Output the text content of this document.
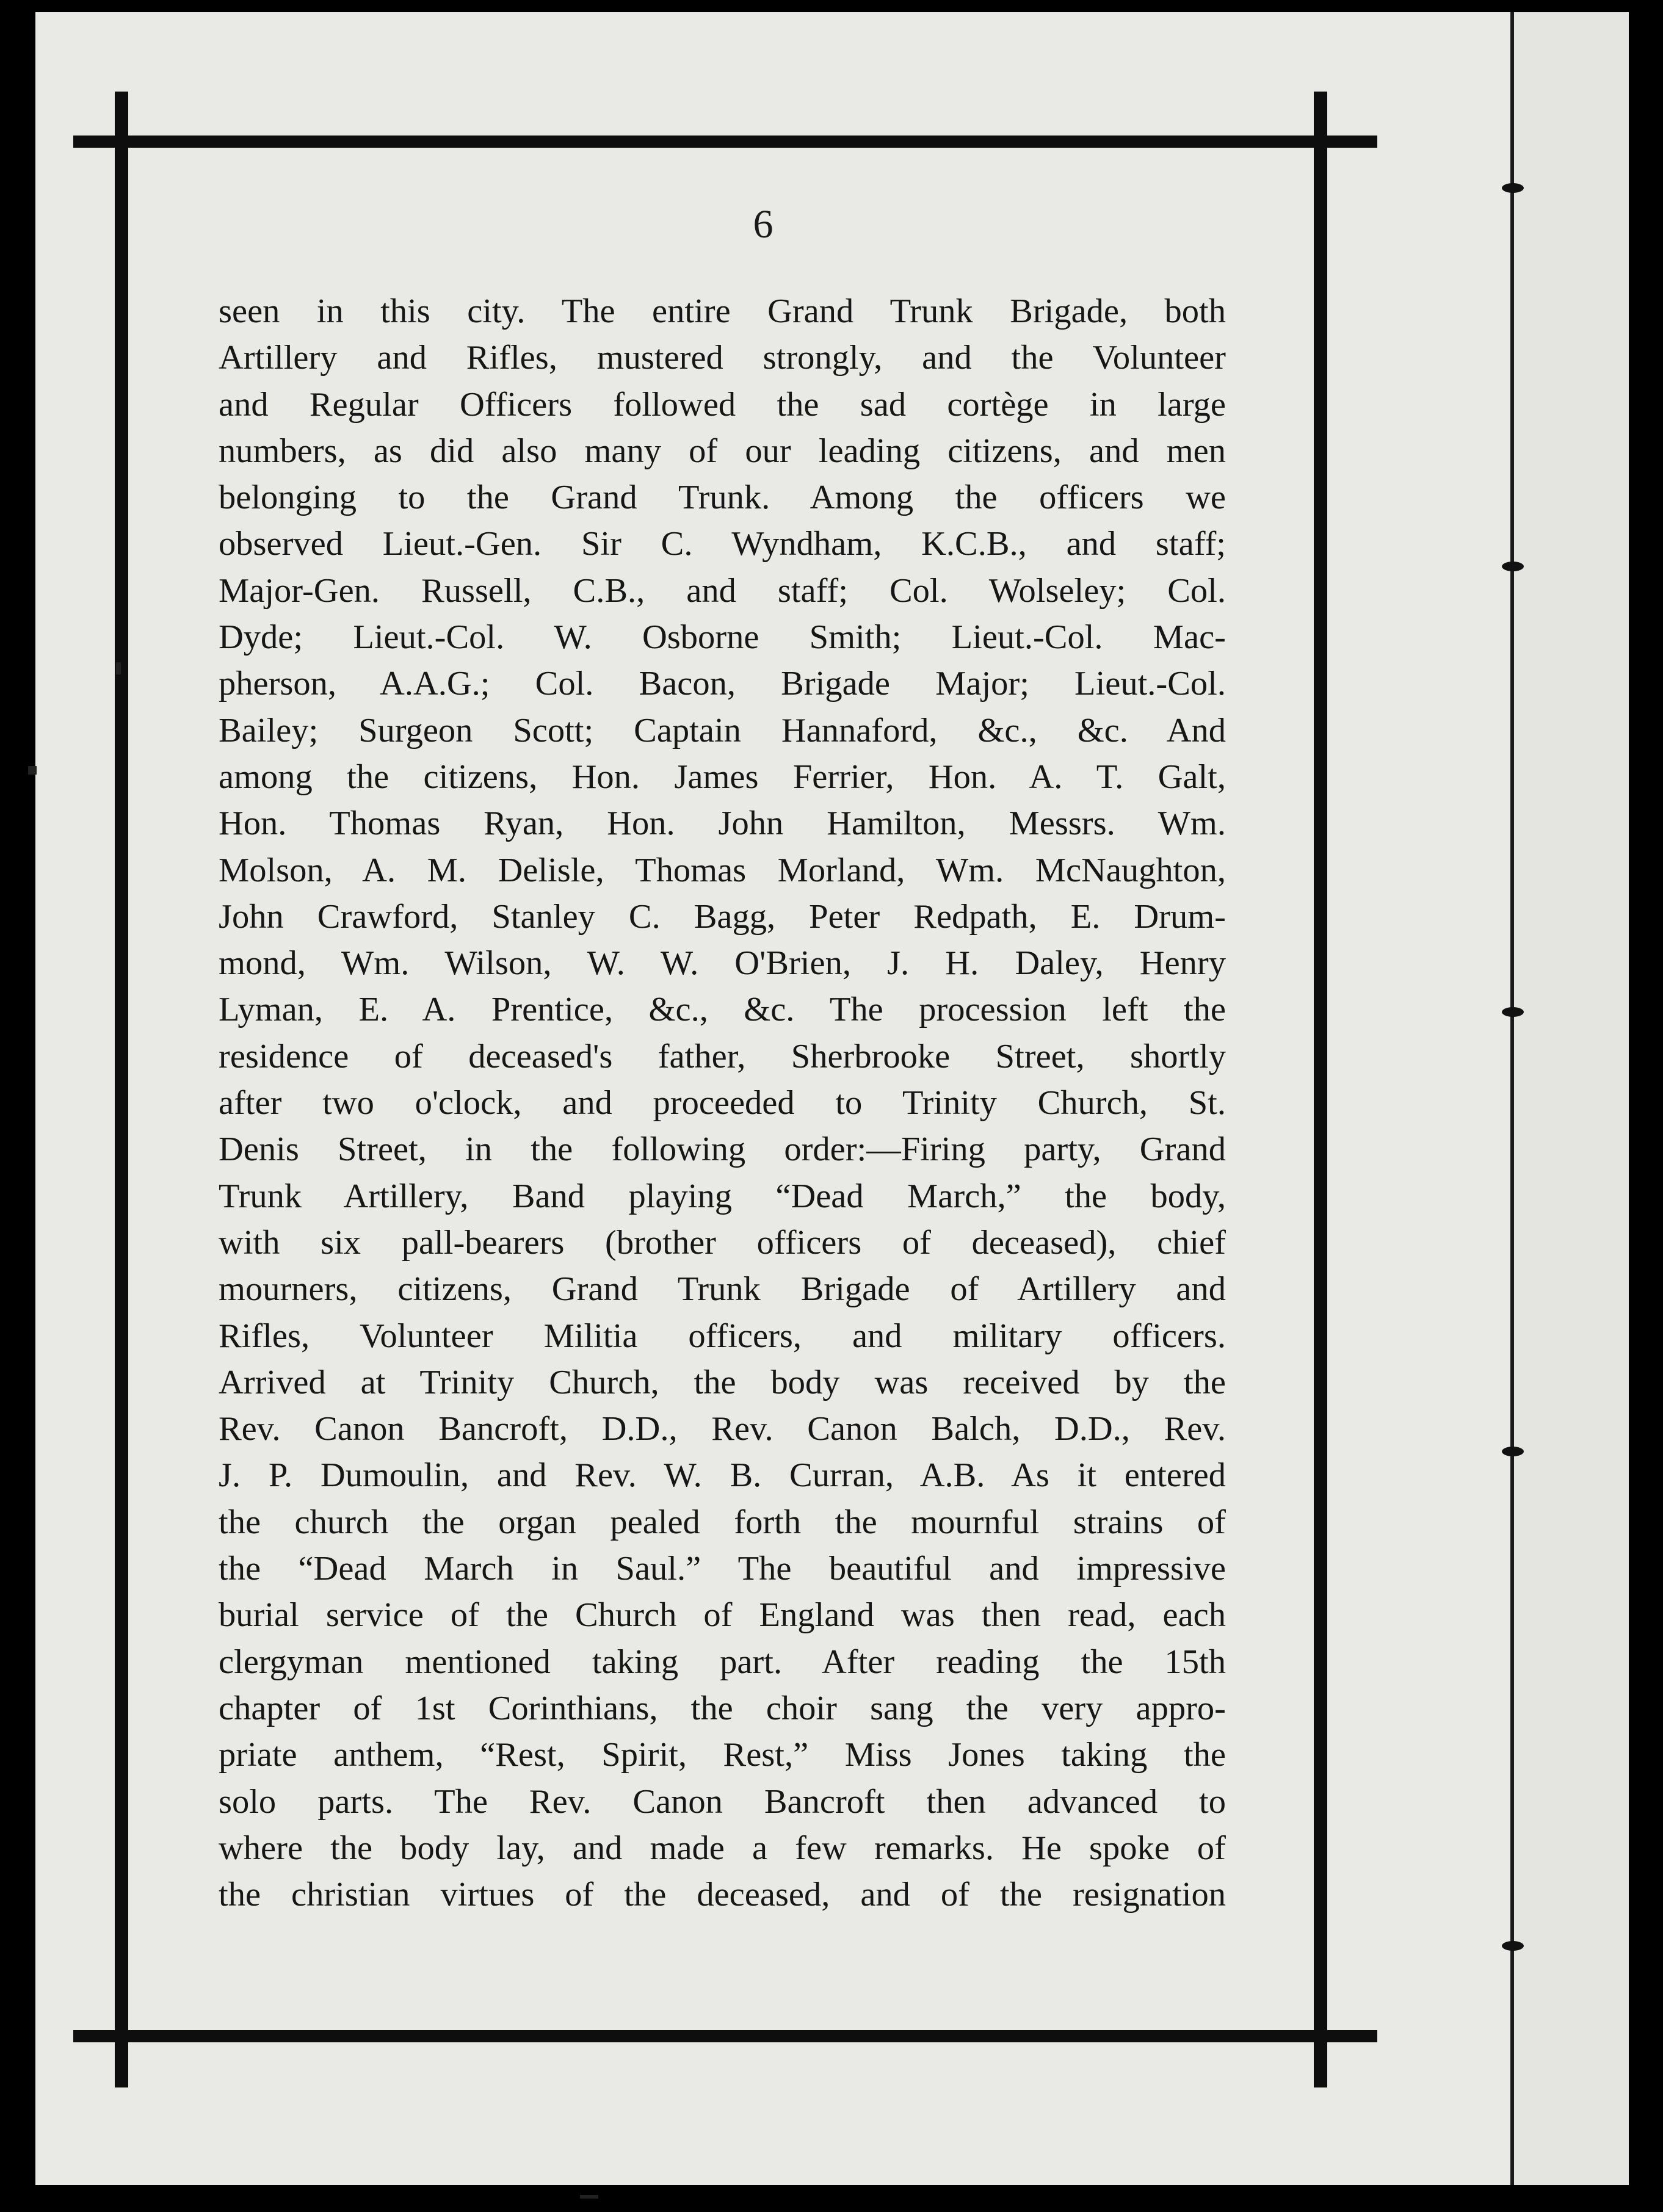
6
seen in this city. The entire Grand Trunk Brigade, both
Artillery and Rifles, mustered strongly, and the Volunteer
and Regular Officers followed the sad cortège in large
numbers, as did also many of our leading citizens, and men
belonging to the Grand Trunk. Among the officers we
observed Lieut.-Gen. Sir C. Wyndham, K.C.B., and staff;
Major-Gen. Russell, C.B., and staff; Col. Wolseley; Col.
Dyde; Lieut.-Col. W. Osborne Smith; Lieut.-Col. Mac-
pherson, A.A.G.; Col. Bacon, Brigade Major; Lieut.-Col.
Bailey; Surgeon Scott; Captain Hannaford, &c., &c. And
among the citizens, Hon. James Ferrier, Hon. A. T. Galt,
Hon. Thomas Ryan, Hon. John Hamilton, Messrs. Wm.
Molson, A. M. Delisle, Thomas Morland, Wm. McNaughton,
John Crawford, Stanley C. Bagg, Peter Redpath, E. Drum-
mond, Wm. Wilson, W. W. O'Brien, J. H. Daley, Henry
Lyman, E. A. Prentice, &c., &c. The procession left the
residence of deceased's father, Sherbrooke Street, shortly
after two o'clock, and proceeded to Trinity Church, St.
Denis Street, in the following order:—Firing party, Grand
Trunk Artillery, Band playing “Dead March,” the body,
with six pall-bearers (brother officers of deceased), chief
mourners, citizens, Grand Trunk Brigade of Artillery and
Rifles, Volunteer Militia officers, and military officers.
Arrived at Trinity Church, the body was received by the
Rev. Canon Bancroft, D.D., Rev. Canon Balch, D.D., Rev.
J. P. Dumoulin, and Rev. W. B. Curran, A.B. As it entered
the church the organ pealed forth the mournful strains of
the “Dead March in Saul.” The beautiful and impressive
burial service of the Church of England was then read, each
clergyman mentioned taking part. After reading the 15th
chapter of 1st Corinthians, the choir sang the very appro-
priate anthem, “Rest, Spirit, Rest,” Miss Jones taking the
solo parts. The Rev. Canon Bancroft then advanced to
where the body lay, and made a few remarks. He spoke of
the christian virtues of the deceased, and of the resignation
